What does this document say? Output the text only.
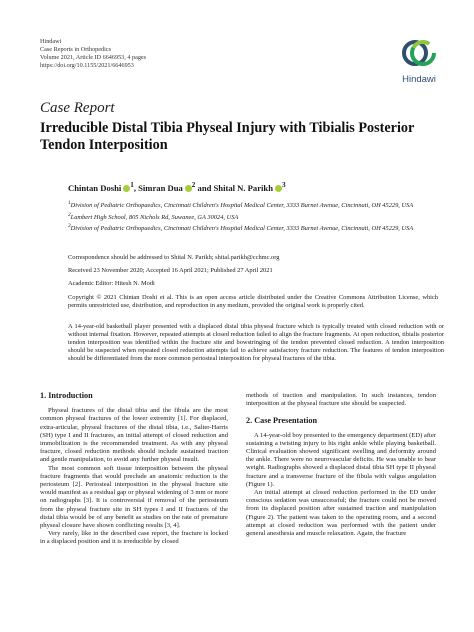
Hindawi
Case Reports in Orthopedics
Volume 2021, Article ID 6646953, 4 pages
https://doi.org/10.1155/2021/6646953
Hindawi
Case Report
Irreducible Distal Tibia Physeal Injury with Tibialis Posterior Tendon Interposition
Chintan Doshi $^1$, Simran Dua $^2$ and Shital N. Parikh $^3$
$^1$Division of Pediatric Orthopaedics, Cincinnati Children's Hospital Medical Center, 3333 Burnet Avenue, Cincinnati, OH 45229, USA
$^2$Lambert High School, 805 Nichols Rd, Suwanee, GA 30024, USA
$^3$Division of Pediatric Orthopaedics, Cincinnati Children's Hospital Medical Center, 3333 Burnet Avenue, Cincinnati, OH 45229, USA
Correspondence should be addressed to Shital N. Parikh; shital.parikh@cchmc.org
Received 23 November 2020; Accepted 16 April 2021; Published 27 April 2021
Academic Editor: Hitesh N. Modi
Copyright © 2021 Chintan Doshi et al. This is an open access article distributed under the Creative Commons Attribution License, which permits unrestricted use, distribution, and reproduction in any medium, provided the original work is properly cited.
A 14-year-old basketball player presented with a displaced distal tibia physeal fracture which is typically treated with closed reduction with or without internal fixation. However, repeated attempts at closed reduction failed to align the fracture fragments. At open reduction, tibialis posterior tendon interposition was identified within the fracture site and bowstringing of the tendon prevented closed reduction. A tendon interposition should be suspected when repeated closed reduction attempts fail to achieve satisfactory fracture reduction. The features of tendon interposition should be differentiated from the more common periosteal interposition for physeal fractures of the tibia.
1. Introduction

Physeal fractures of the distal tibia and the fibula are the most common physeal fractures of the lower extremity [1]. For displaced, extra-articular, physeal fractures of the distal tibia, i.e., Salter-Harris (SH) type I and II fractures, an initial attempt of closed reduction and immobilization is the recommended treatment. As with any physeal fracture, closed reduction methods should include sustained traction and gentle manipulation, to avoid any further physeal insult.

The most common soft tissue interposition between the physeal fracture fragments that would preclude an anatomic reduction is the periosteum [2]. Periosteal interposition in the physeal fracture site would manifest as a residual gap or physeal widening of 3 mm or more on radiographs [3]. It is controversial if removal of the periosteum from the physeal fracture site in SH types I and II fractures of the distal tibia would be of any benefit as studies on the rate of premature physeal closure have shown conflicting results [3, 4].

Very rarely, like in the described case report, the fracture is locked in a displaced position and it is irreducible by closed

methods of traction and manipulation. In such instances, tendon interposition at the physeal fracture site should be suspected.

2. Case Presentation

A 14-year-old boy presented to the emergency department (ED) after sustaining a twisting injury to his right ankle while playing basketball. Clinical evaluation showed significant swelling and deformity around the ankle. There were no neurovascular deficits. He was unable to bear weight. Radiographs showed a displaced distal tibia SH type II physeal fracture and a transverse fracture of the fibula with valgus angulation (Figure 1).

An initial attempt at closed reduction performed in the ED under conscious sedation was unsuccessful; the fracture could not be moved from its displaced position after sustained traction and manipulation (Figure 2). The patient was taken to the operating room, and a second attempt at closed reduction was performed with the patient under general anesthesia and muscle relaxation. Again, the fracture
